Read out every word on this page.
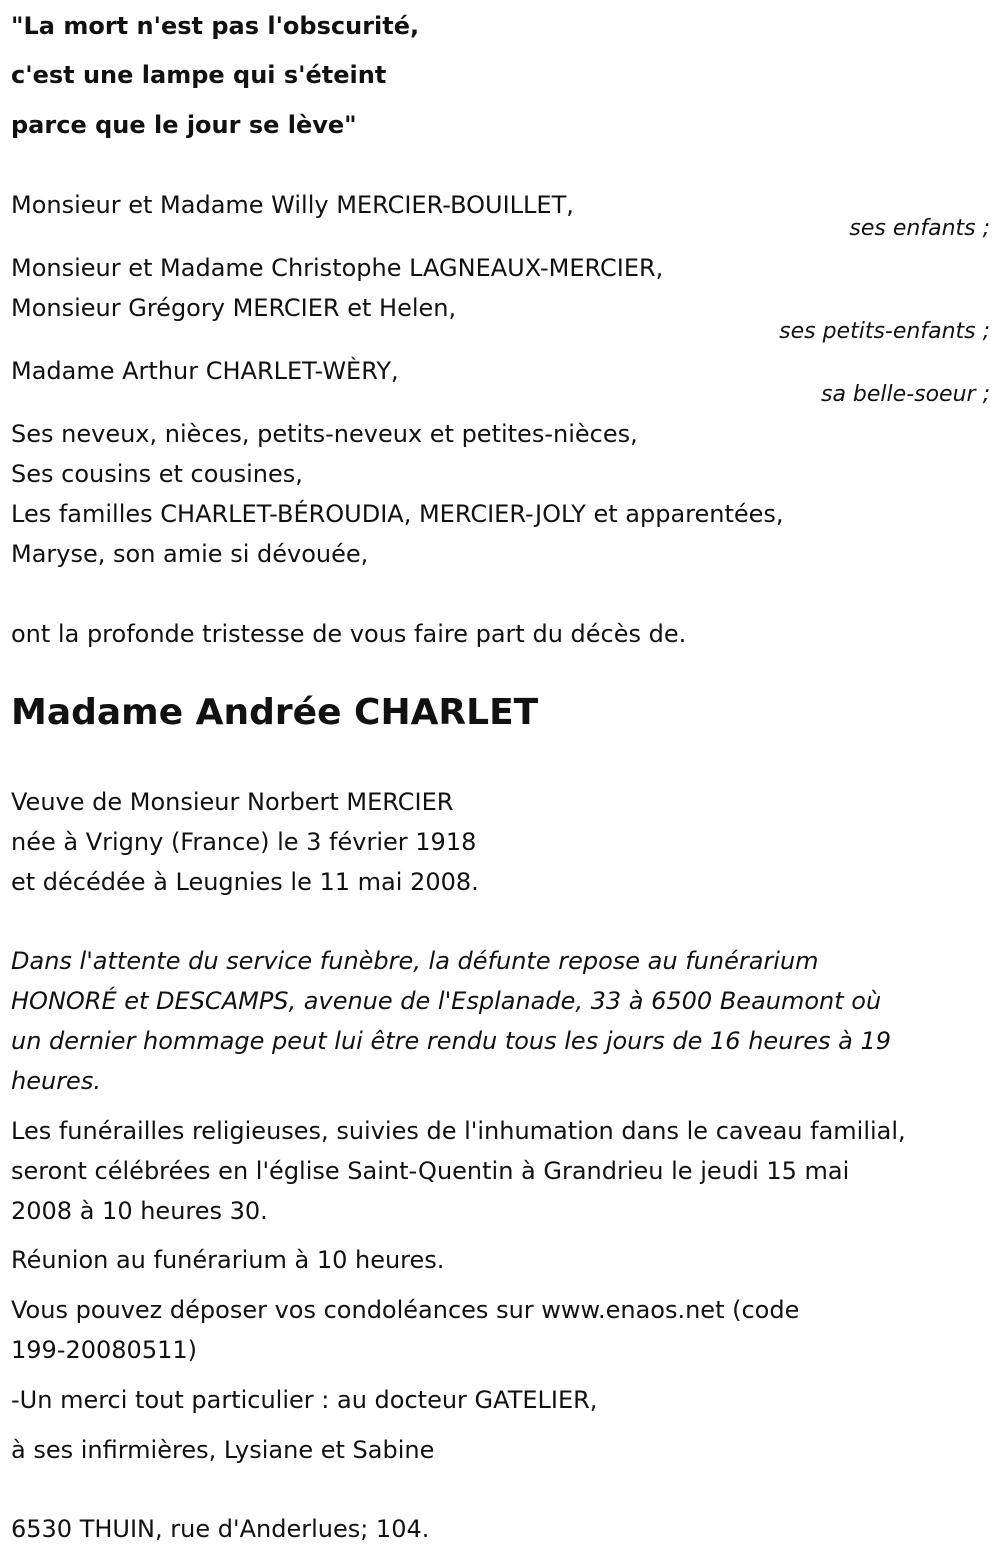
"La mort n'est pas l'obscurité,
c'est une lampe qui s'éteint
parce que le jour se lève"
Monsieur et Madame Willy MERCIER-BOUILLET,
ses enfants ;
Monsieur et Madame Christophe LAGNEAUX-MERCIER,
Monsieur Grégory MERCIER et Helen,
ses petits-enfants ;
Madame Arthur CHARLET-WÈRY,
sa belle-soeur ;
Ses neveux, nièces, petits-neveux et petites-nièces,
Ses cousins et cousines,
Les familles CHARLET-BÉROUDIA, MERCIER-JOLY et apparentées,
Maryse, son amie si dévouée,
ont la profonde tristesse de vous faire part du décès de.
Madame Andrée CHARLET
Veuve de Monsieur Norbert MERCIER
née à Vrigny (France) le 3 février 1918
et décédée à Leugnies le 11 mai 2008.
Dans l'attente du service funèbre, la défunte repose au funérarium
HONORÉ et DESCAMPS, avenue de l'Esplanade, 33 à 6500 Beaumont où
un dernier hommage peut lui être rendu tous les jours de 16 heures à 19
heures.
Les funérailles religieuses, suivies de l'inhumation dans le caveau familial,
seront célébrées en l'église Saint-Quentin à Grandrieu le jeudi 15 mai
2008 à 10 heures 30.
Réunion au funérarium à 10 heures.
Vous pouvez déposer vos condoléances sur www.enaos.net (code
199-20080511)
-Un merci tout particulier : au docteur GATELIER,
à ses infirmières, Lysiane et Sabine
6530 THUIN, rue d'Anderlues; 104.
